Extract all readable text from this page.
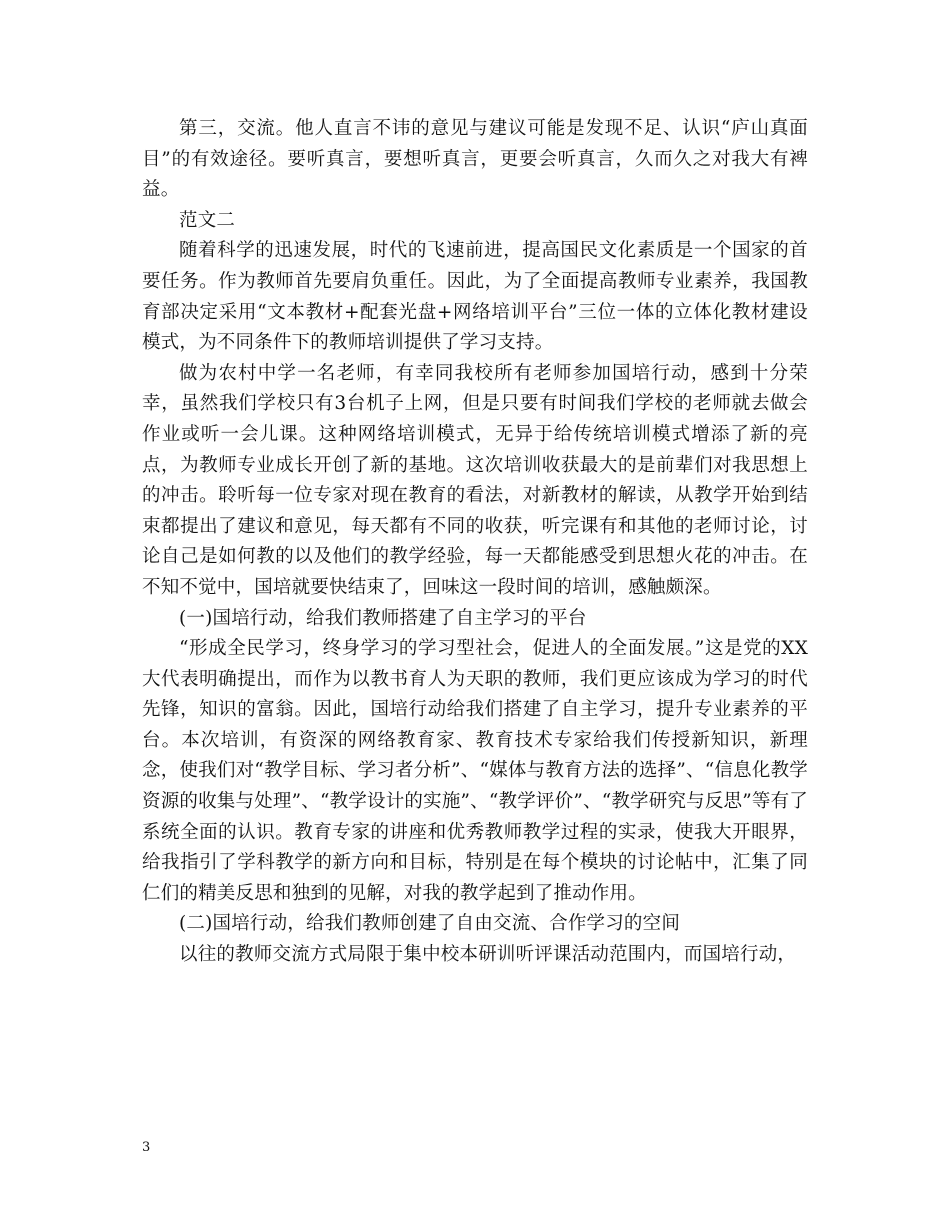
第三，交流。他人直言不讳的意见与建议可能是发现不足、认识“庐山真面目”的有效途径。要听真言，要想听真言，更要会听真言，久而久之对我大有裨益。

范文二

随着科学的迅速发展，时代的飞速前进，提高国民文化素质是一个国家的首要任务。作为教师首先要肩负重任。因此，为了全面提高教师专业素养，我国教育部决定采用“文本教材+配套光盘+网络培训平台”三位一体的立体化教材建设模式，为不同条件下的教师培训提供了学习支持。

做为农村中学一名老师，有幸同我校所有老师参加国培行动，感到十分荣幸，虽然我们学校只有3台机子上网，但是只要有时间我们学校的老师就去做会作业或听一会儿课。这种网络培训模式，无异于给传统培训模式增添了新的亮点，为教师专业成长开创了新的基地。这次培训收获最大的是前辈们对我思想上的冲击。聆听每一位专家对现在教育的看法，对新教材的解读，从教学开始到结束都提出了建议和意见，每天都有不同的收获，听完课有和其他的老师讨论，讨论自己是如何教的以及他们的教学经验，每一天都能感受到思想火花的冲击。在不知不觉中，国培就要快结束了，回味这一段时间的培训，感触颇深。

(一)国培行动，给我们教师搭建了自主学习的平台

“形成全民学习，终身学习的学习型社会，促进人的全面发展。”这是党的XX大代表明确提出，而作为以教书育人为天职的教师，我们更应该成为学习的时代先锋，知识的富翁。因此，国培行动给我们搭建了自主学习，提升专业素养的平台。本次培训，有资深的网络教育家、教育技术专家给我们传授新知识，新理念，使我们对“教学目标、学习者分析”、“媒体与教育方法的选择”、“信息化教学资源的收集与处理”、“教学设计的实施”、“教学评价”、“教学研究与反思”等有了系统全面的认识。教育专家的讲座和优秀教师教学过程的实录，使我大开眼界，给我指引了学科教学的新方向和目标，特别是在每个模块的讨论帖中，汇集了同仁们的精美反思和独到的见解，对我的教学起到了推动作用。

(二)国培行动，给我们教师创建了自由交流、合作学习的空间

以往的教师交流方式局限于集中校本研训听评课活动范围内，而国培行动，

3
